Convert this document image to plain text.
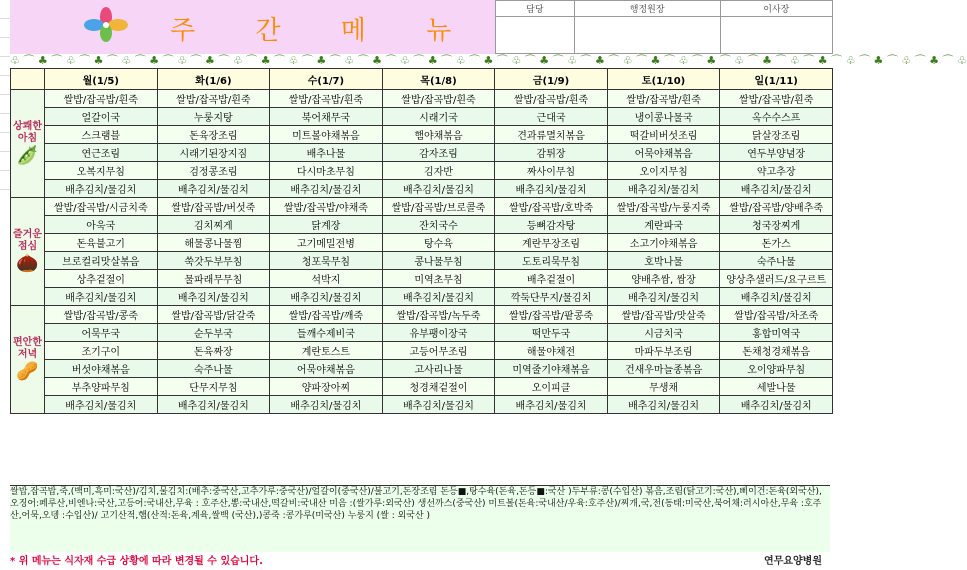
주 간 메 뉴
담당	행정원장	이사장

♧ ⌒ ♣ ⌒ ♧ ⌒ ♣ ⌒ ♧ ⌒ ♣ ⌒ ♧ ⌒ ♣ ⌒ ♧ ⌒ ♣ ⌒ ♧ ⌒ ♣ ⌒ ♧ ⌒ ♣ ⌒ ♧ ⌒ ♣ ⌒ ♧ ⌒ ♣ ⌒ ♧ ⌒ ♣ ⌒ ♧ ⌒ ♣ ⌒ ♧ ⌒ ♣ ⌒ ♧ ⌒ ♣ ⌒ ♧ ⌒ ♣ ⌒ ♧ ⌒ ♣ ⌒ ♧ ⌒ ♣ ⌒ ♧ ⌒ ♣ ⌒ ♧
	월(1/5)	화(1/6)	수(1/7)	목(1/8)	금(1/9)	토(1/10)	일(1/11)

상쾌한
아침
🫛	쌀밥/잡곡밥/흰죽	쌀밥/잡곡밥/흰죽	쌀밥/잡곡밥/흰죽	쌀밥/잡곡밥/흰죽	쌀밥/잡곡밥/흰죽	쌀밥/잡곡밥/흰죽	쌀밥/잡곡밥/흰죽
	얼갈이국	누룽지탕	북어채무국	시래기국	근대국	냉이콩나물국	옥수수스프
	스크램블	돈육장조림	미트볼야채볶음	햄야채볶음	견과류멸치볶음	떡갈비버섯조림	닭살장조림
	연근조림	시래기된장지짐	배추나물	감자조림	감튀장	어묵야채볶음	연두부양념장
	오복지무침	검정콩조림	다시마초무침	김자반	짜사이무침	오이지무침	약고추장
	배추김치/물김치	배추김치/물김치	배추김치/물김치	배추김치/물김치	배추김치/물김치	배추김치/물김치	배추김치/물김치

즐거운
점심
🌰	쌀밥/잡곡밥/시금치죽	쌀밥/잡곡밥/버섯죽	쌀밥/잡곡밥/야채죽	쌀밥/잡곡밥/브로콜죽	쌀밥/잡곡밥/호박죽	쌀밥/잡곡밥/누룽지죽	쌀밥/잡곡밥/양배추죽
	아욱국	김치찌게	닭계장	잔치국수	등뼈감자탕	계란파국	청국장찌게
	돈육불고기	해물콩나물찜	고기메밀전병	탕수육	계란무장조림	소고기야채볶음	돈가스
	브로컬리맛살볶음	쑥갓두부무침	청포묵무침	콩나물무침	도토리묵무침	호박나물	숙주나물
	상추겉절이	물파래무무침	석박지	미역초무침	배추겉절이	양배추쌈, 쌈장	양상추샐러드/요구르트
	배추김치/물김치	배추김치/물김치	배추김치/물김치	배추김치/물김치	깍둑단무지/물김치	배추김치/물김치	배추김치/물김치

편안한
저녁
🥜	쌀밥/잡곡밥/콩죽	쌀밥/잡곡밥/닭갈죽	쌀밥/잡곡밥/깨죽	쌀밥/잡곡밥/녹두죽	쌀밥/잡곡밥/팥콩죽	쌀밥/잡곡밥/맛살죽	쌀밥/잡곡밥/차조죽
	어묵무국	순두부국	들깨수제비국	유부팽이장국	떡만두국	시금치국	홍합미역국
	조기구이	돈육짜장	계란토스트	고등어무조림	해물야채전	마파두부조림	돈채청경채볶음
	버섯야채볶음	숙주나물	어묵야채볶음	고사리나물	미역줄기야채볶음	건새우마늘종볶음	오이양파무침
	부추양파무침	단무지무침	양파장아찌	청경채겉절이	오이피클	무생채	세발나물
	배추김치/물김치	배추김치/물김치	배추김치/물김치	배추김치/물김치	배추김치/물김치	배추김치/물김치	배추김치/물김치
쌀밥,잡곡밥,죽,(백미,흑미:국산)/김치,물김치:(배추:중국산,고추가루:중국산)/얼갈이(중국산)/불고기,돈장조림 돈등■,탕수육(돈육,돈등■:국산 )두부류:콩(수입산) 볶음,조림(닭고기:국산),삐이건:돈육(외국산),오징어:페루산,비엔나:국산,고등어:국내산,무육 : 호주산,뽕:국내산,떡갈비:국내산 미음 :(쌀가루:외국산) 생선까스(중국산) 미트볼(돈육:국내산/우육:호주산)/찌개,국,전(동태:미국산,북어채:러시아산,무육 :호주산,어묵,오뎅 :수입산)/ 고기산적,햄(산적:돈육,계육,쌀백 (국산),)콩죽 :콩가루(미국산) 누룽지 (쌀 : 외국산 )
* 위 메뉴는 식자재 수급 상황에 따라 변경될 수 있습니다.	연무요양병원
